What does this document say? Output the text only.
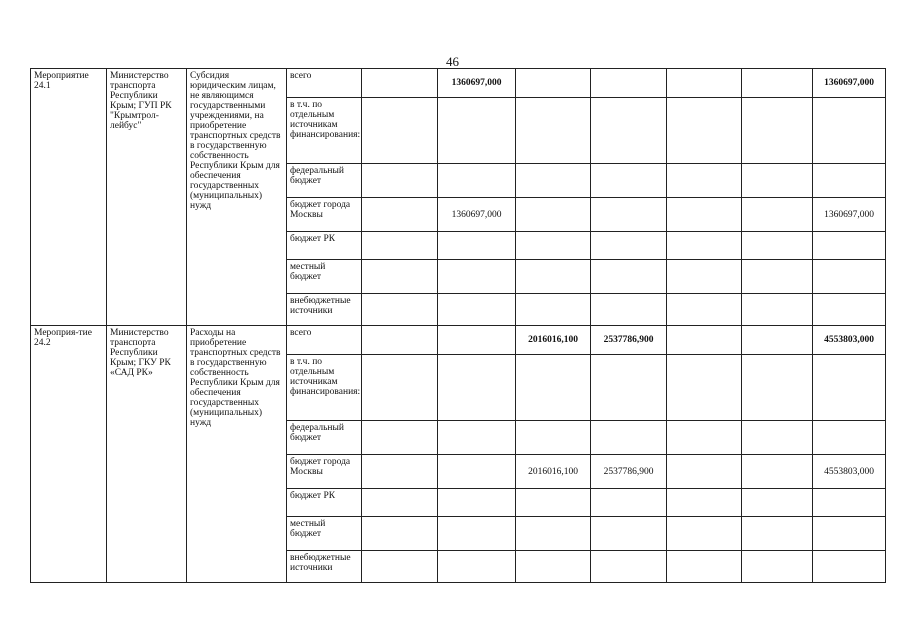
46
Мероприятие 24.1	Министерство транспорта Республики Крым; ГУП РК "Крымтрол-лейбус"	Субсидия юридическим лицам, не являющимся государственными учреждениями, на приобретение транспортных средств в государственную собственность Республики Крым для обеспечения государственных (муниципальных) нужд	всего		1360697,000					1360697,000
			в т.ч. по отдельным источникам финансирования:							
			федеральный бюджет							
			бюджет города Москвы		1360697,000					1360697,000
			бюджет РК							
			местный бюджет							
			внебюджетные источники							
Мероприя-тие 24.2	Министерство транспорта Республики Крым; ГКУ РК «САД РК»	Расходы на приобретение транспортных средств в государственную собственность Республики Крым для обеспечения государственных (муниципальных) нужд	всего			2016016,100	2537786,900			4553803,000
			в т.ч. по отдельным источникам финансирования:							
			федеральный бюджет							
			бюджет города Москвы			2016016,100	2537786,900			4553803,000
			бюджет РК							
			местный бюджет							
			внебюджетные источники							
